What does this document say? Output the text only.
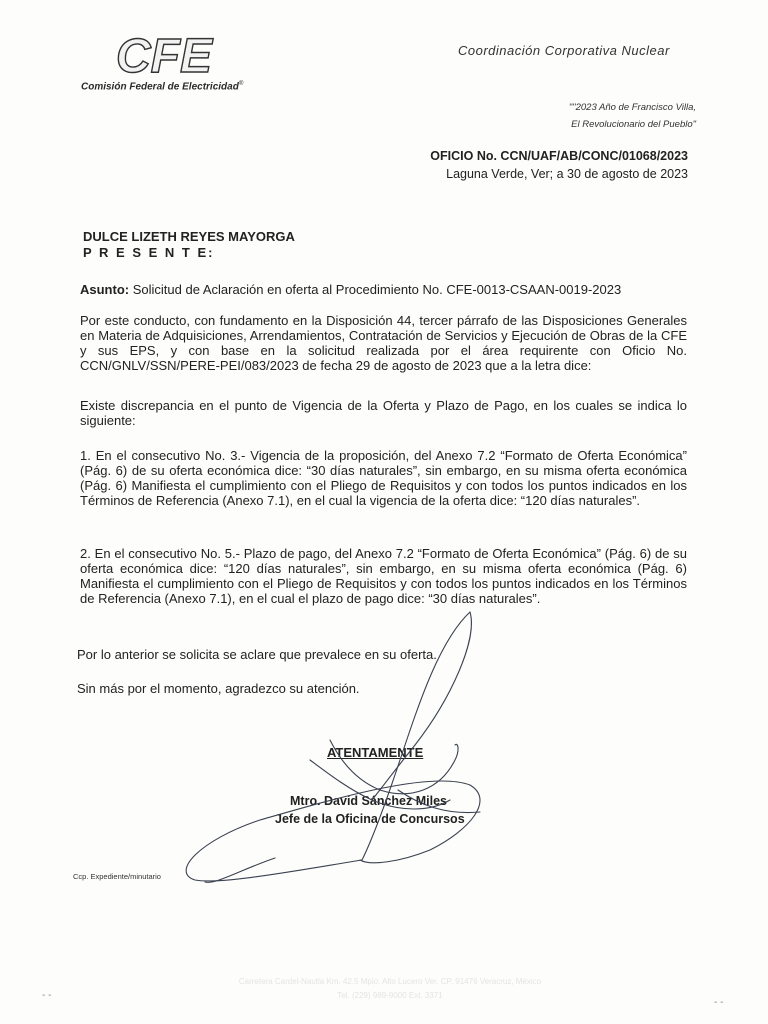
CFE
Comisión Federal de Electricidad®
Coordinación Corporativa Nuclear
""2023 Año de Francisco Villa,
El Revolucionario del Pueblo"
OFICIO No. CCN/UAF/AB/CONC/01068/2023
Laguna Verde, Ver; a 30 de agosto de 2023
DULCE LIZETH REYES MAYORGA
P R E S E N T E:
Asunto: Solicitud de Aclaración en oferta al Procedimiento No. CFE-0013-CSAAN-0019-2023
Por este conducto, con fundamento en la Disposición 44, tercer párrafo de las Disposiciones Generales en Materia de Adquisiciones, Arrendamientos, Contratación de Servicios y Ejecución de Obras de la CFE y sus EPS, y con base en la solicitud realizada por el área requirente con Oficio No. CCN/GNLV/SSN/PERE-PEI/083/2023 de fecha 29 de agosto de 2023 que a la letra dice:
Existe discrepancia en el punto de Vigencia de la Oferta y Plazo de Pago, en los cuales se indica lo siguiente:
1. En el consecutivo No. 3.- Vigencia de la proposición, del Anexo 7.2 “Formato de Oferta Económica” (Pág. 6) de su oferta económica dice: “30 días naturales”, sin embargo, en su misma oferta económica (Pág. 6) Manifiesta el cumplimiento con el Pliego de Requisitos y con todos los puntos indicados en los Términos de Referencia (Anexo 7.1), en el cual la vigencia de la oferta dice: “120 días naturales”.
2. En el consecutivo No. 5.- Plazo de pago, del Anexo 7.2 “Formato de Oferta Económica” (Pág. 6) de su oferta económica dice: “120 días naturales”, sin embargo, en su misma oferta económica (Pág. 6) Manifiesta el cumplimiento con el Pliego de Requisitos y con todos los puntos indicados en los Términos de Referencia (Anexo 7.1), en el cual el plazo de pago dice: “30 días naturales”.
Por lo anterior se solicita se aclare que prevalece en su oferta.
Sin más por el momento, agradezco su atención.
ATENTAMENTE
Mtro. David Sánchez Miles
Jefe de la Oficina de Concursos
Ccp. Expediente/minutario
Carretera Cardel-Nautla Km. 42.5 Mpio. Alto Lucero Ver. CP. 91476 Veracruz, México
Tel. (229) 989-9000 Ext. 3371
- -
- -
